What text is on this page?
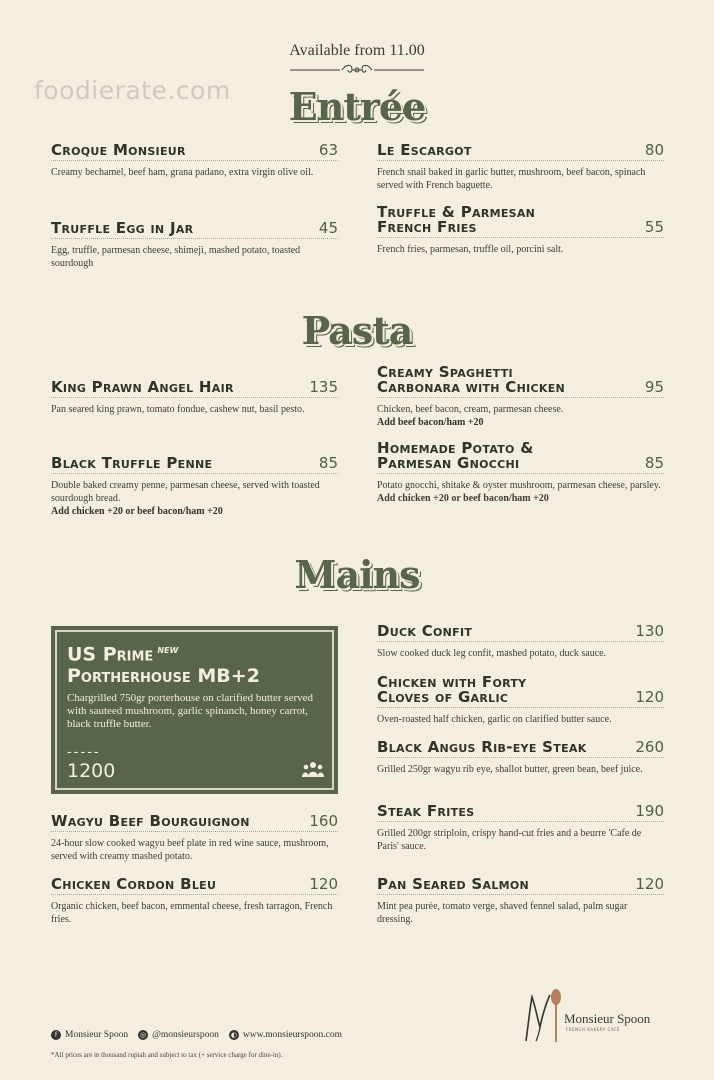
foodierate.com
Available from 11.00
Entrée
Croque Monsieur	63
Creamy bechamel, beef ham, grana padano, extra virgin olive oil.
Le Escargot	80
French snail baked in garlic butter, mushroom, beef bacon, spinach served with French baguette.
Truffle Egg in Jar	45
Egg, truffle, parmesan cheese, shimeji, mashed potato, toasted sourdough
Truffle & Parmesan
French Fries	55
French fries, parmesan, truffle oil, porcini salt.
Pasta
King Prawn Angel Hair	135
Pan seared king prawn, tomato fondue, cashew nut, basil pesto.
Creamy Spaghetti
Carbonara with Chicken	95
Chicken, beef bacon, cream, parmesan cheese.
Add beef bacon/ham +20
Black Truffle Penne	85
Double baked creamy penne, parmesan cheese, served with toasted sourdough bread.
Add chicken +20 or beef bacon/ham +20
Homemade Potato &
Parmesan Gnocchi	85
Potato gnocchi, shitake & oyster mushroom, parmesan cheese, parsley. Add chicken +20 or beef bacon/ham +20
Mains
US Prime $^{NEW}$
Portherhouse MB+2
Chargrilled 750gr porterhouse on clarified butter served with sauteed mushroom, garlic spinanch, honey carrot, black truffle butter.
-----
1200
Wagyu Beef Bourguignon	160
24-hour slow cooked wagyu beef plate in red wine sauce, mushroom, served with creamy mashed potato.
Chicken Cordon Bleu	120
Organic chicken, beef bacon, emmental cheese, fresh tarragon, French fries.
Duck Confit	130
Slow cooked duck leg confit, mashed potato, duck sauce.
Chicken with Forty
Cloves of Garlic	120
Oven-roasted half chicken, garlic on clarified butter sauce.
Black Angus Rib-eye Steak	260
Grilled 250gr wagyu rib eye, shallot butter, green bean, beef juice.
Steak Frites	190
Grilled 200gr striploin, crispy hand-cut fries and a beurre 'Cafe de Paris' sauce.
Pan Seared Salmon	120
Mint pea purée, tomato verge, shaved fennel salad, palm sugar dressing.
Monsieur Spoon
FRENCH BAKERY CAFE
f Monsieur Spoon ◎ @monsieurspoon ◐ www.monsieurspoon.com
*All prices are in thousand rupiah and subject to tax (+ service charge for dine-in).
